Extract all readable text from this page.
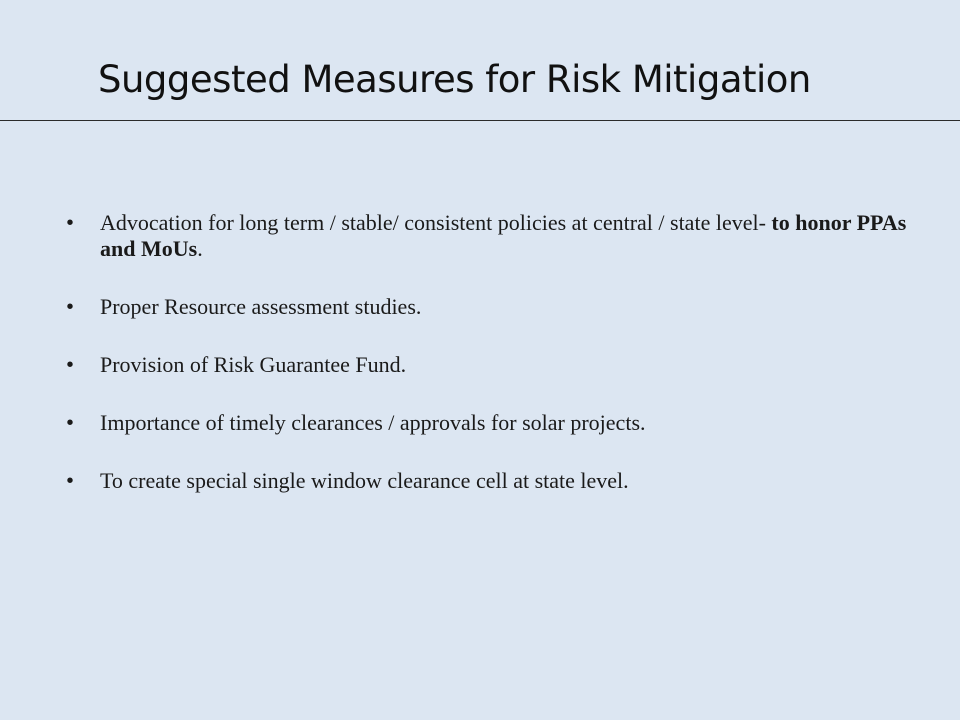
Suggested Measures for Risk Mitigation
• Advocation for long term / stable/ consistent policies at central / state level- to honor PPAs and MoUs.
• Proper Resource assessment studies.
• Provision of Risk Guarantee Fund.
• Importance of timely clearances / approvals for solar projects.
• To create special single window clearance cell at state level.
